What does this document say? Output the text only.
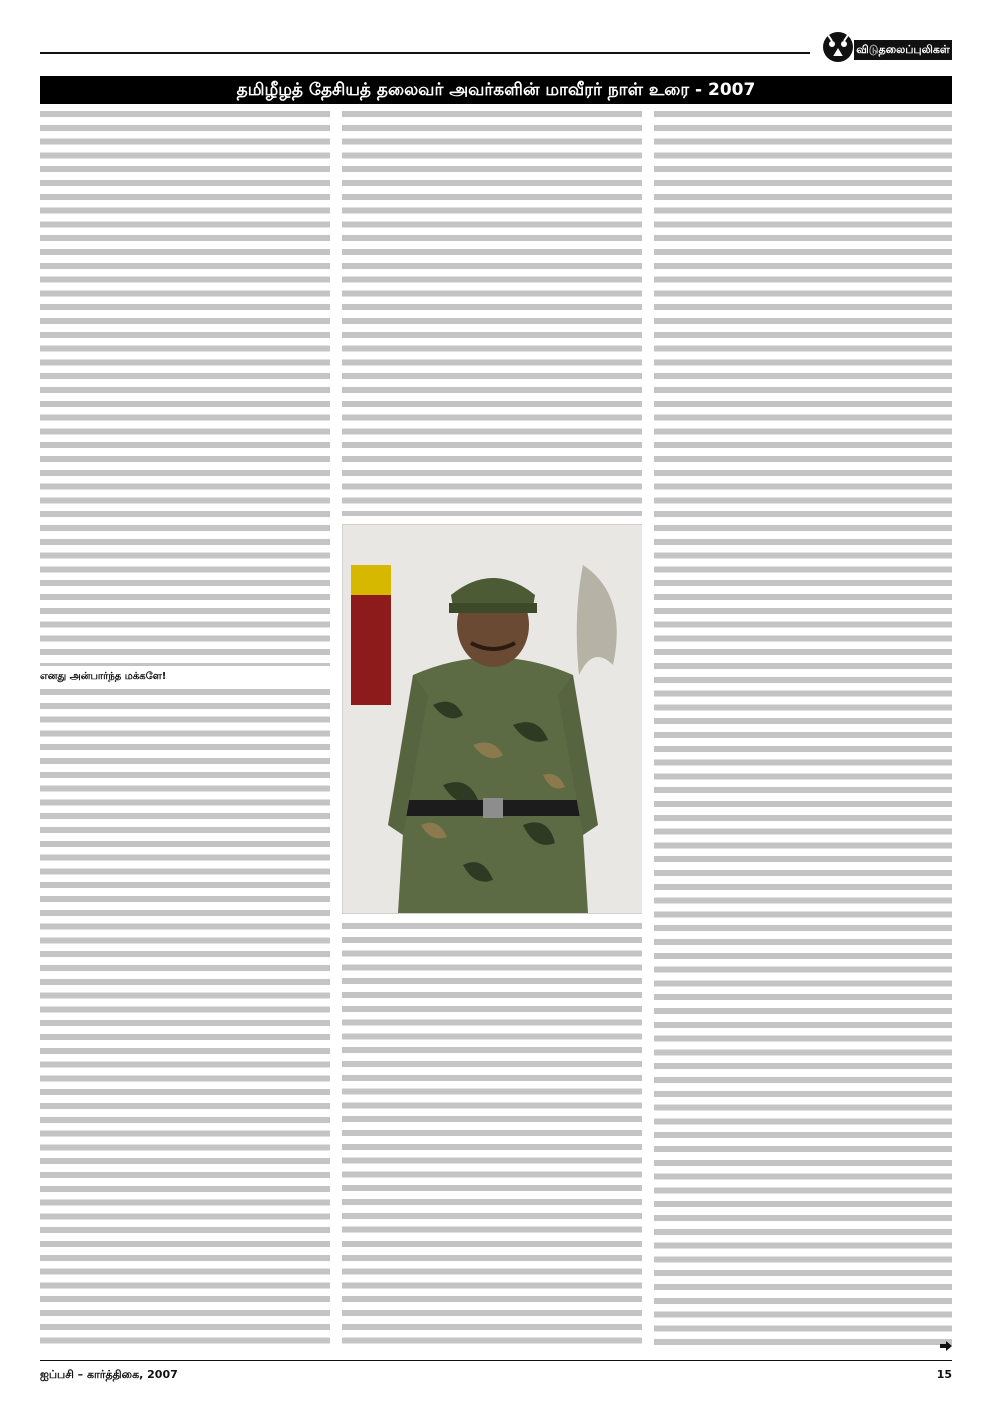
விடுதலைப்புலிகள்
தமிழீழத் தேசியத் தலைவர் அவர்களின் மாவீரர் நாள் உரை - 2007
எனது அன்பார்ந்த மக்களே!
ஐப்பசி – கார்த்திகை, 2007	15
